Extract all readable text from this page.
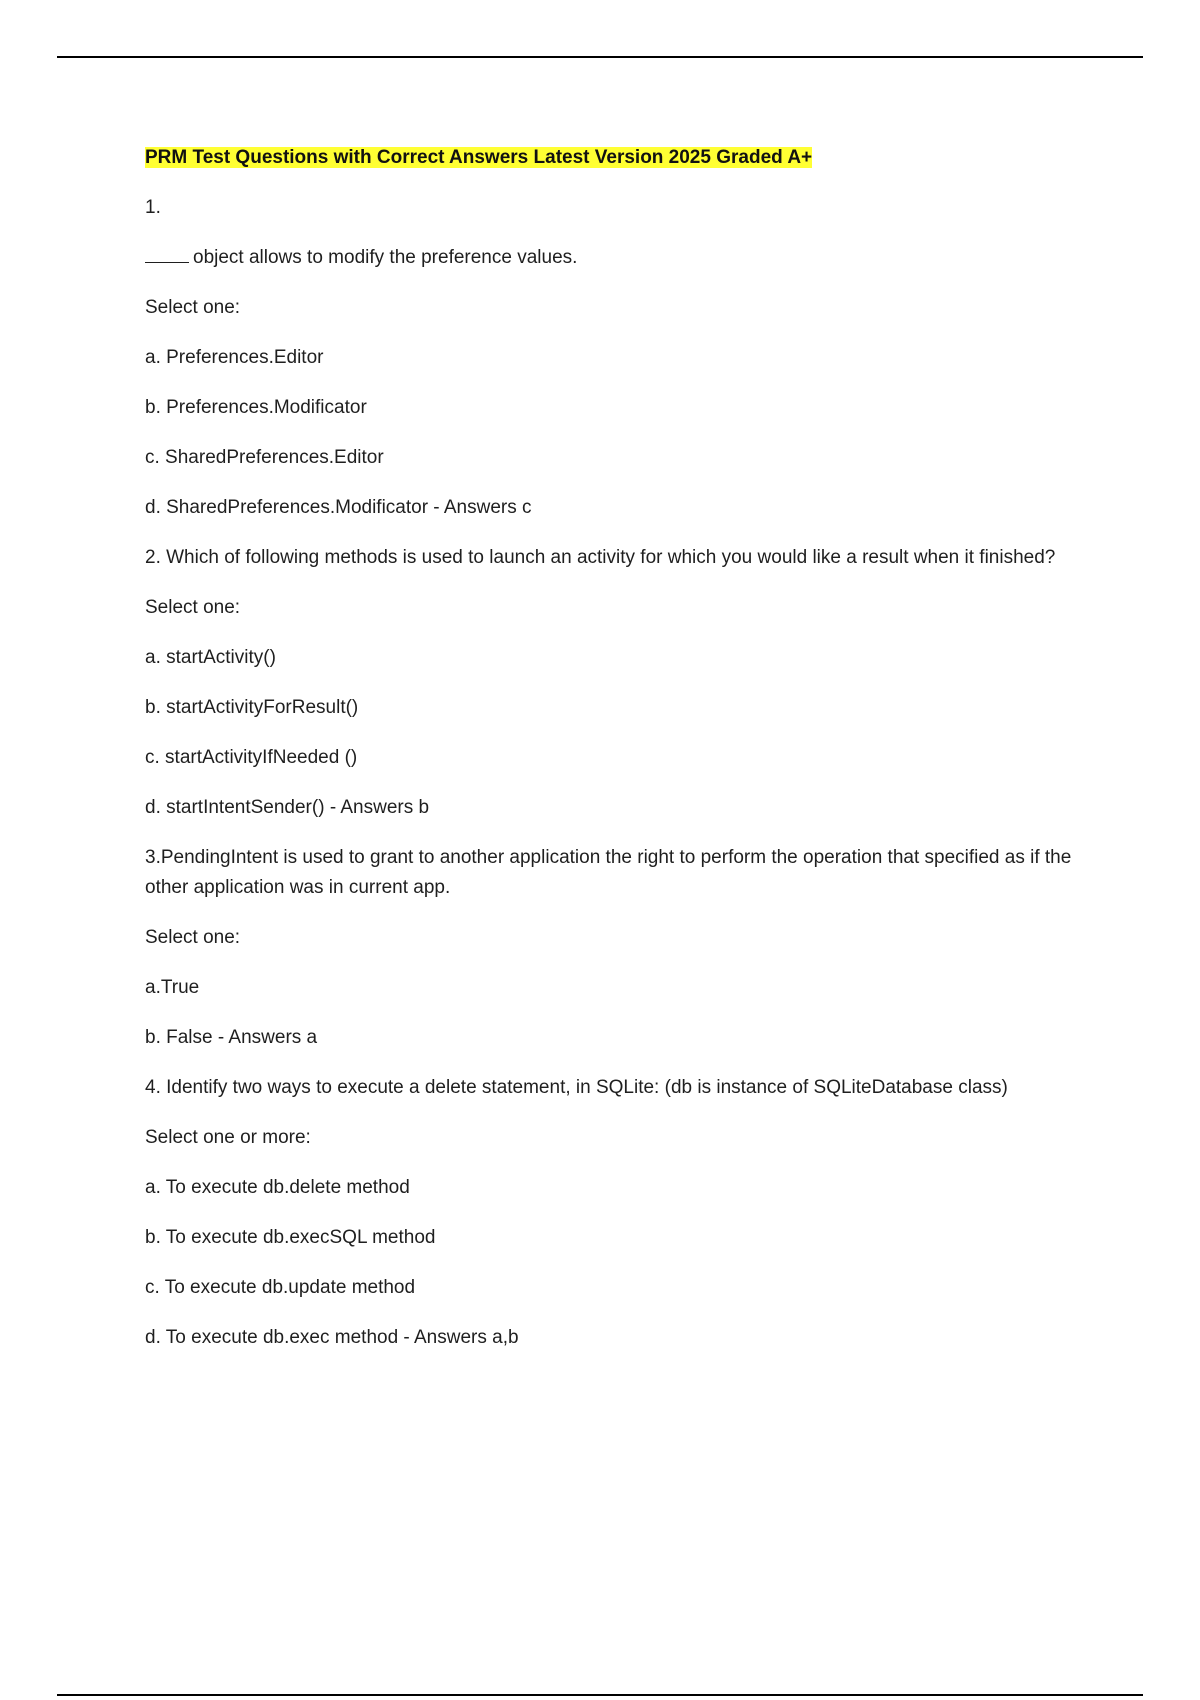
PRM Test Questions with Correct Answers Latest Version 2025 Graded A+
1.
object allows to modify the preference values.
Select one:
a. Preferences.Editor
b. Preferences.Modificator
c. SharedPreferences.Editor
d. SharedPreferences.Modificator - Answers c
2. Which of following methods is used to launch an activity for which you would like a result when it finished?
Select one:
a. startActivity()
b. startActivityForResult()
c. startActivityIfNeeded ()
d. startIntentSender() - Answers b
3.PendingIntent is used to grant to another application the right to perform the operation that specified as if the other application was in current app.
Select one:
a.True
b. False - Answers a
4. Identify two ways to execute a delete statement, in SQLite: (db is instance of SQLiteDatabase class)
Select one or more:
a. To execute db.delete method
b. To execute db.execSQL method
c. To execute db.update method
d. To execute db.exec method - Answers a,b
